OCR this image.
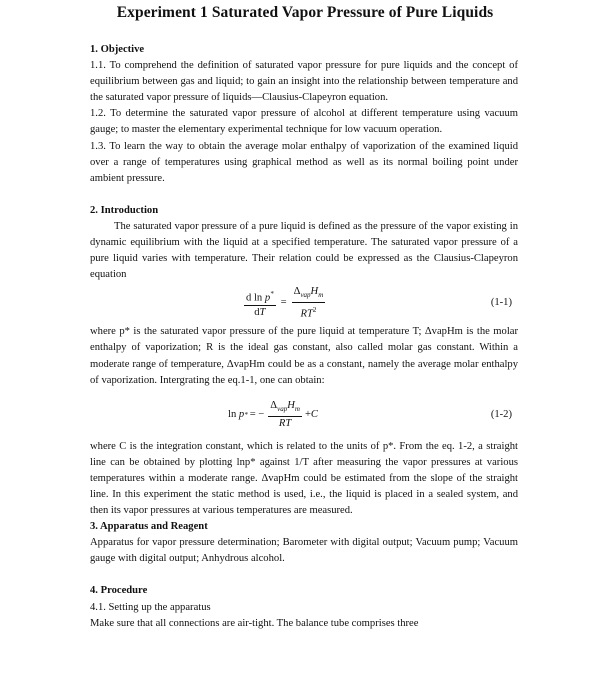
Experiment 1 Saturated Vapor Pressure of Pure Liquids

1. Objective

1.1. To comprehend the definition of saturated vapor pressure for pure liquids and the concept of equilibrium between gas and liquid; to gain an insight into the relationship between temperature and the saturated vapor pressure of liquids—Clausius-Clapeyron equation.

1.2. To determine the saturated vapor pressure of alcohol at different temperature using vacuum gauge; to master the elementary experimental technique for low vacuum operation.

1.3. To learn the way to obtain the average molar enthalpy of vaporization of the examined liquid over a range of temperatures using graphical method as well as its normal boiling point under ambient pressure.

2. Introduction

The saturated vapor pressure of a pure liquid is defined as the pressure of the vapor existing in dynamic equilibrium with the liquid at a specified temperature. The saturated vapor pressure of a pure liquid varies with temperature. Their relation could be expressed as the Clausius-Clapeyron equation

$\frac{d \ln p^*}{dT} = \frac{\Delta_{vap}H_m}{RT^2}$	(1-1)

where p* is the saturated vapor pressure of the pure liquid at temperature T; ΔvapHm is the molar enthalpy of vaporization; R is the ideal gas constant, also called molar gas constant. Within a moderate range of temperature, ΔvapHm could be as a constant, namely the average molar enthalpy of vaporization. Intergrating the eq.1-1, one can obtain:

ln p * = − $\frac{\Delta_{vap}H_m}{RT} + C$	(1-2)

where C is the integration constant, which is related to the units of p*. From the eq. 1-2, a straight line can be obtained by plotting lnp* against 1/T after measuring the vapor pressures at various temperatures within a moderate range. ΔvapHm could be estimated from the slope of the straight line. In this experiment the static method is used, i.e., the liquid is placed in a sealed system, and then its vapor pressures at various temperatures are measured.

3. Apparatus and Reagent

Apparatus for vapor pressure determination; Barometer with digital output; Vacuum pump; Vacuum gauge with digital output; Anhydrous alcohol.

4. Procedure

4.1. Setting up the apparatus

Make sure that all connections are air-tight. The balance tube comprises three
